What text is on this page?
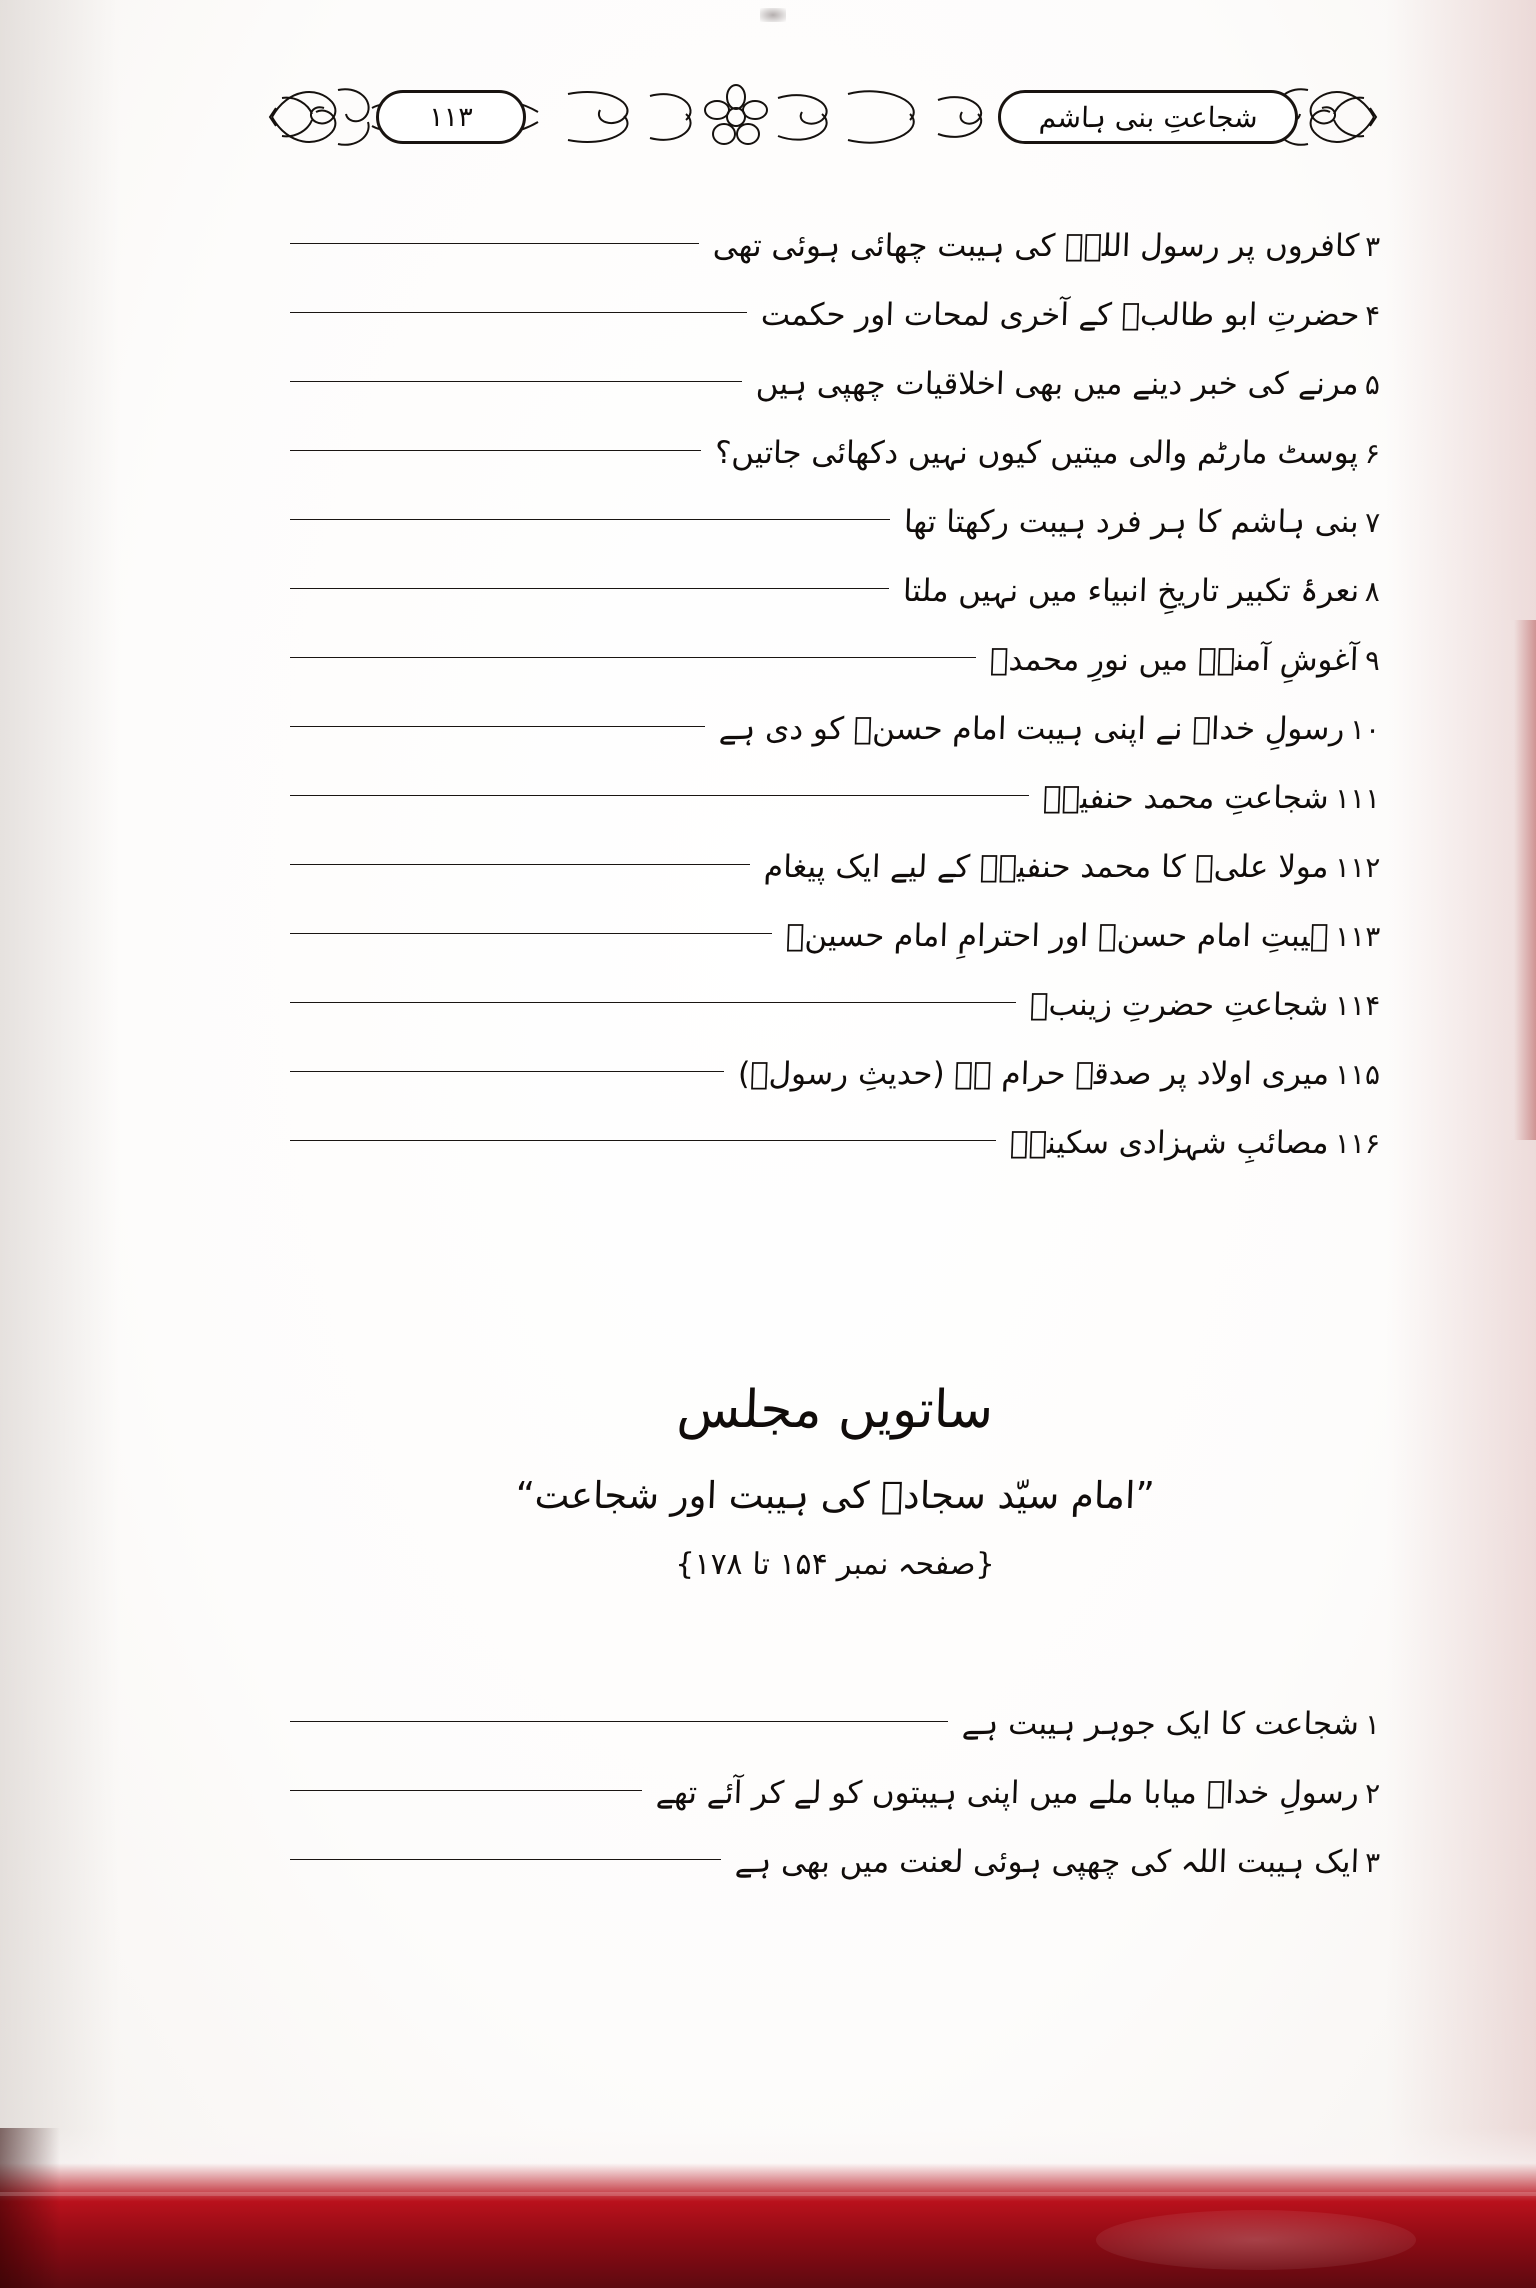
۱۱۳	شجاعتِ بنی ہاشم
۳
کافروں پر رسول اللہؐ کی ہیبت چھائی ہوئی تھی
۴
حضرتِ ابو طالبؑ کے آخری لمحات اور حکمت
۵
مرنے کی خبر دینے میں بھی اخلاقیات چھپی ہیں
۶
پوسٹ مارٹم والی میتیں کیوں نہیں دکھائی جاتیں؟
۷
بنی ہاشم کا ہر فرد ہیبت رکھتا تھا
۸
نعرۂ تکبیر تاریخِ انبیاء میں نہیں ملتا
۹
آغوشِ آمنہؑ میں نورِ محمدؐ
۱۰
رسولِ خداؐ نے اپنی ہیبت امام حسنؑ کو دی ہے
۱۱۱
شجاعتِ محمد حنفیہؒ
۱۱۲
مولا علیؑ کا محمد حنفیہؒ کے لیے ایک پیغام
۱۱۳
ہیبتِ امام حسنؑ اور احترامِ امام حسینؑ
۱۱۴
شجاعتِ حضرتِ زینبؑ
۱۱۵
میری اولاد پر صدقہ حرام ہے (حدیثِ رسولؐ)
۱۱۶
مصائبِ شہزادی سکینہؑ
ساتویں مجلس
”امام سیّد سجادؑ کی ہیبت اور شجاعت“
{صفحہ نمبر ۱۵۴ تا ۱۷۸}
۱
شجاعت کا ایک جوہر ہیبت ہے
۲
رسولِ خداؐ میابا ملے میں اپنی ہیبتوں کو لے کر آئے تھے
۳
ایک ہیبت اللہ کی چھپی ہوئی لعنت میں بھی ہے
